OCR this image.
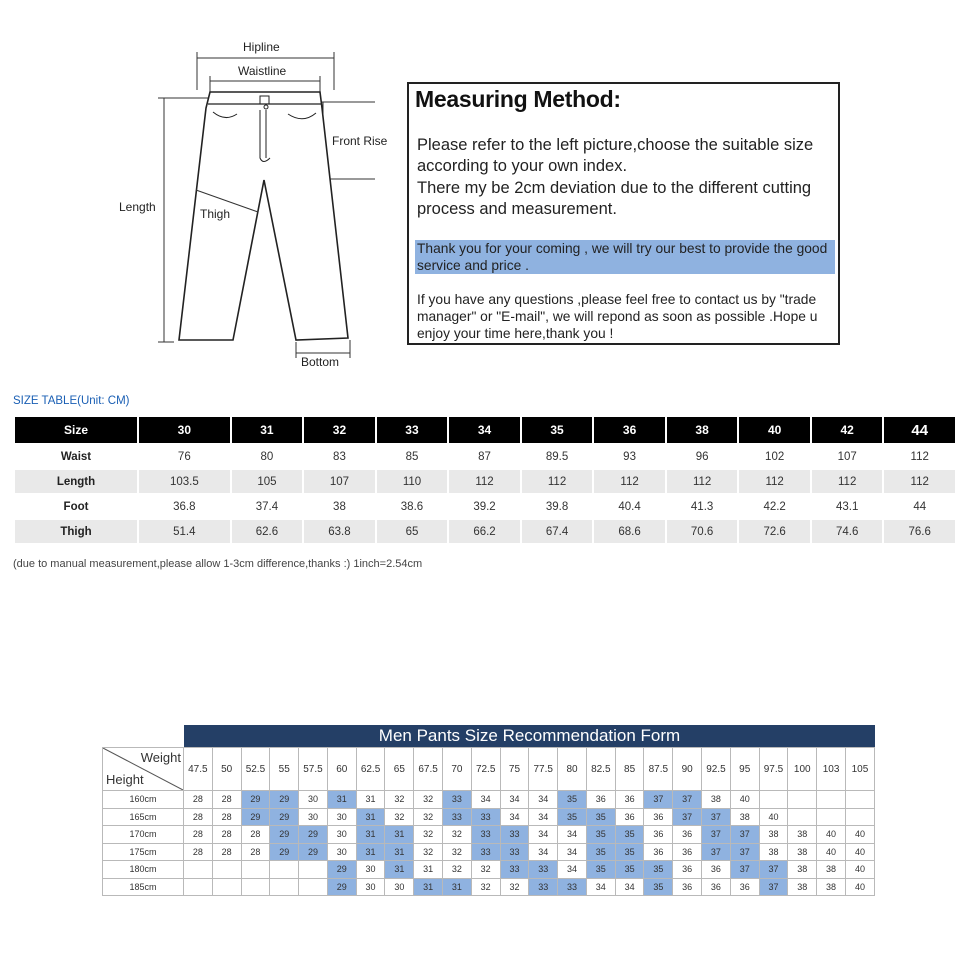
Hipline
Waistline
Front Rise
Length	Thigh
Bottom
Measuring Method:
Please refer to the left picture,choose the suitable size according to your own index.
There my be 2cm deviation due to the different cutting process and measurement.
Thank you for your coming , we will try our best to provide the good service and price .
If you have any questions ,please feel free to contact us by "trade manager" or "E-mail", we will repond as soon as possible .Hope u enjoy your time here,thank you !
SIZE TABLE(Unit: CM)
Size	30	31	32	33	34	35	36	38	40	42	44
Waist	76	80	83	85	87	89.5	93	96	102	107	112
Length	103.5	105	107	110	112	112	112	112	112	112	112
Foot	36.8	37.4	38	38.6	39.2	39.8	40.4	41.3	42.2	43.1	44
Thigh	51.4	62.6	63.8	65	66.2	67.4	68.6	70.6	72.6	74.6	76.6
(due to manual measurement,please allow 1-3cm difference,thanks :) 1inch=2.54cm
Men Pants Size Recommendation Form
Weight
Height	47.5	50	52.5	55	57.5	60	62.5	65	67.5	70	72.5	75	77.5	80	82.5	85	87.5	90	92.5	95	97.5	100	103	105
160cm	28	28	29	29	30	31	31	32	32	33	34	34	34	35	36	36	37	37	38	40				
165cm	28	28	29	29	30	30	31	32	32	33	33	34	34	35	35	36	36	37	37	38	40			
170cm	28	28	28	29	29	30	31	31	32	32	33	33	34	34	35	35	36	36	37	37	38	38	40	40
175cm	28	28	28	29	29	30	31	31	32	32	33	33	34	34	35	35	36	36	37	37	38	38	40	40
180cm						29	30	31	31	32	32	33	33	34	35	35	35	36	36	37	37	38	38	40
185cm						29	30	30	31	31	32	32	33	33	34	34	35	36	36	36	37	38	38	40
